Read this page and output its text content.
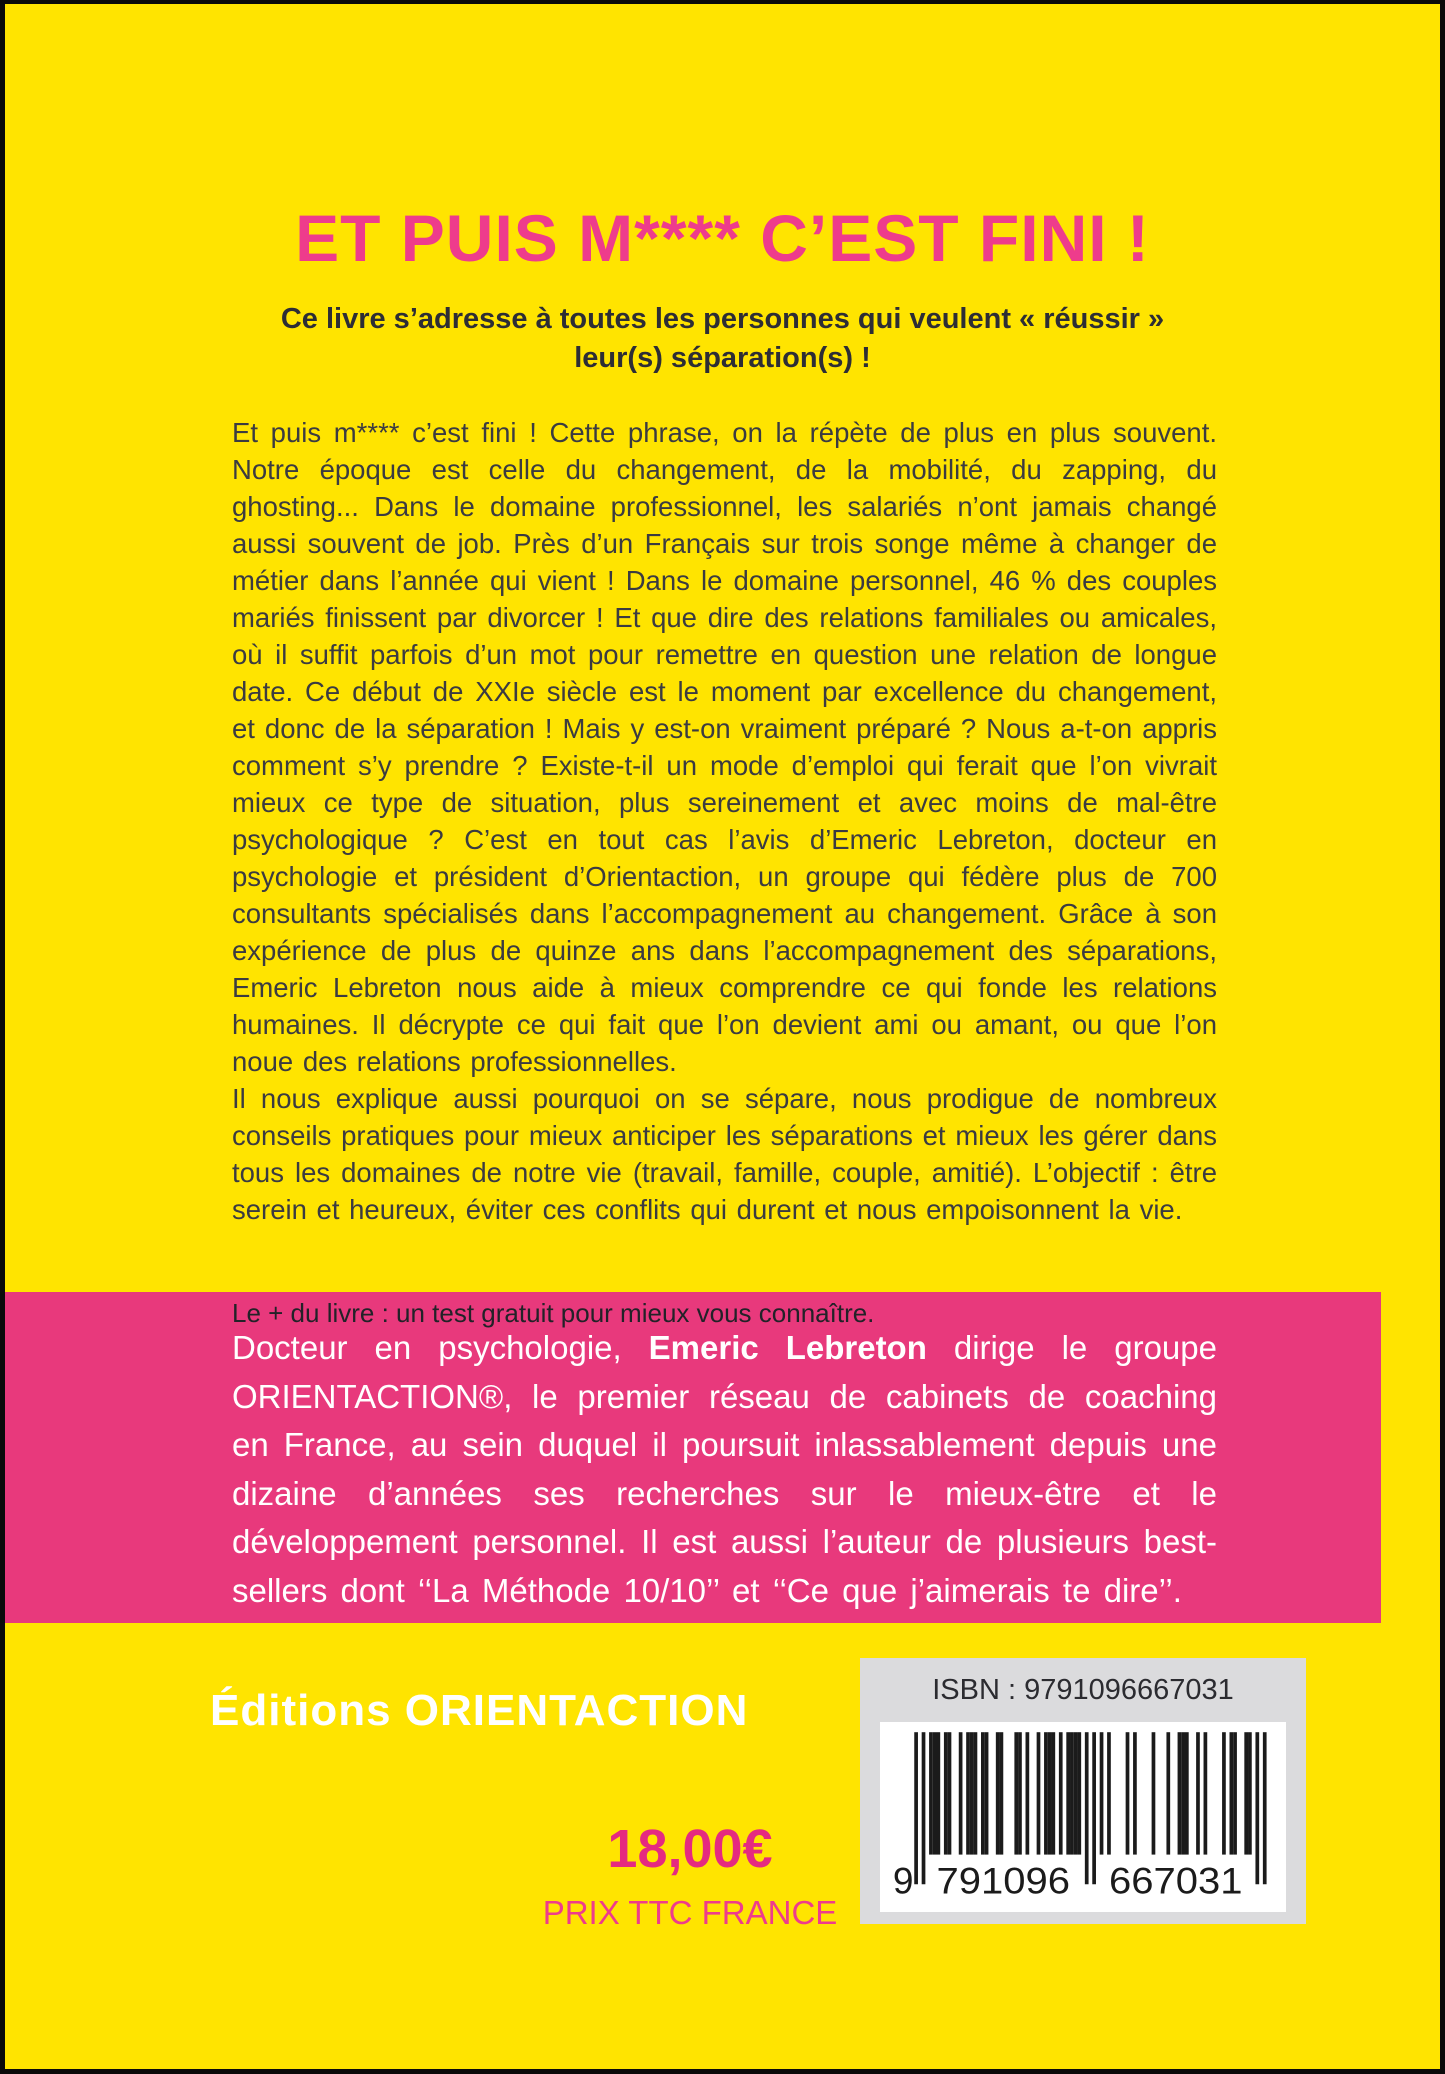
ET PUIS M**** C’EST FINI !
Ce livre s’adresse à toutes les personnes qui veulent « réussir »
leur(s) séparation(s) !

Et puis m**** c’est fini ! Cette phrase, on la répète de plus en plus souvent. Notre époque est celle du changement, de la mobilité, du zapping, du ghosting... Dans le domaine professionnel, les salariés n’ont jamais changé aussi souvent de job. Près d’un Français sur trois songe même à changer de métier dans l’année qui vient ! Dans le domaine personnel, 46 % des couples mariés finissent par divorcer ! Et que dire des relations familiales ou amicales, où il suffit parfois d’un mot pour remettre en question une relation de longue date. Ce début de XXIe siècle est le moment par excellence du changement, et donc de la séparation ! Mais y est-on vraiment préparé ? Nous a-t-on appris comment s’y prendre ? Existe-t-il un mode d’emploi qui ferait que l’on vivrait mieux ce type de situation, plus sereinement et avec moins de mal-être psychologique ? C’est en tout cas l’avis d’Emeric Lebreton, docteur en psychologie et président d’Orientaction, un groupe qui fédère plus de 700 consultants spécialisés dans l’accompagnement au changement. Grâce à son expérience de plus de quinze ans dans l’accompagnement des séparations, Emeric Lebreton nous aide à mieux comprendre ce qui fonde les relations humaines. Il décrypte ce qui fait que l’on devient ami ou amant, ou que l’on noue des relations professionnelles.

Il nous explique aussi pourquoi on se sépare, nous prodigue de nombreux conseils pratiques pour mieux anticiper les séparations et mieux les gérer dans tous les domaines de notre vie (travail, famille, couple, amitié). L’objectif : être serein et heureux, éviter ces conflits qui durent et nous empoisonnent la vie.

Le + du livre : un test gratuit pour mieux vous connaître.
Docteur en psychologie, Emeric Lebreton dirige le groupe ORIENTACTION®, le premier réseau de cabinets de coaching en France, au sein duquel il poursuit inlassablement depuis une dizaine d’années ses recherches sur le mieux-être et le développement personnel. Il est aussi l’auteur de plusieurs best- sellers dont ‘‘La Méthode 10/10’’ et ‘‘Ce que j’aimerais te dire’’.
Éditions ORIENTACTION	ISBN : 9791096667031
9 791096	667031
18,00€
PRIX TTC FRANCE
